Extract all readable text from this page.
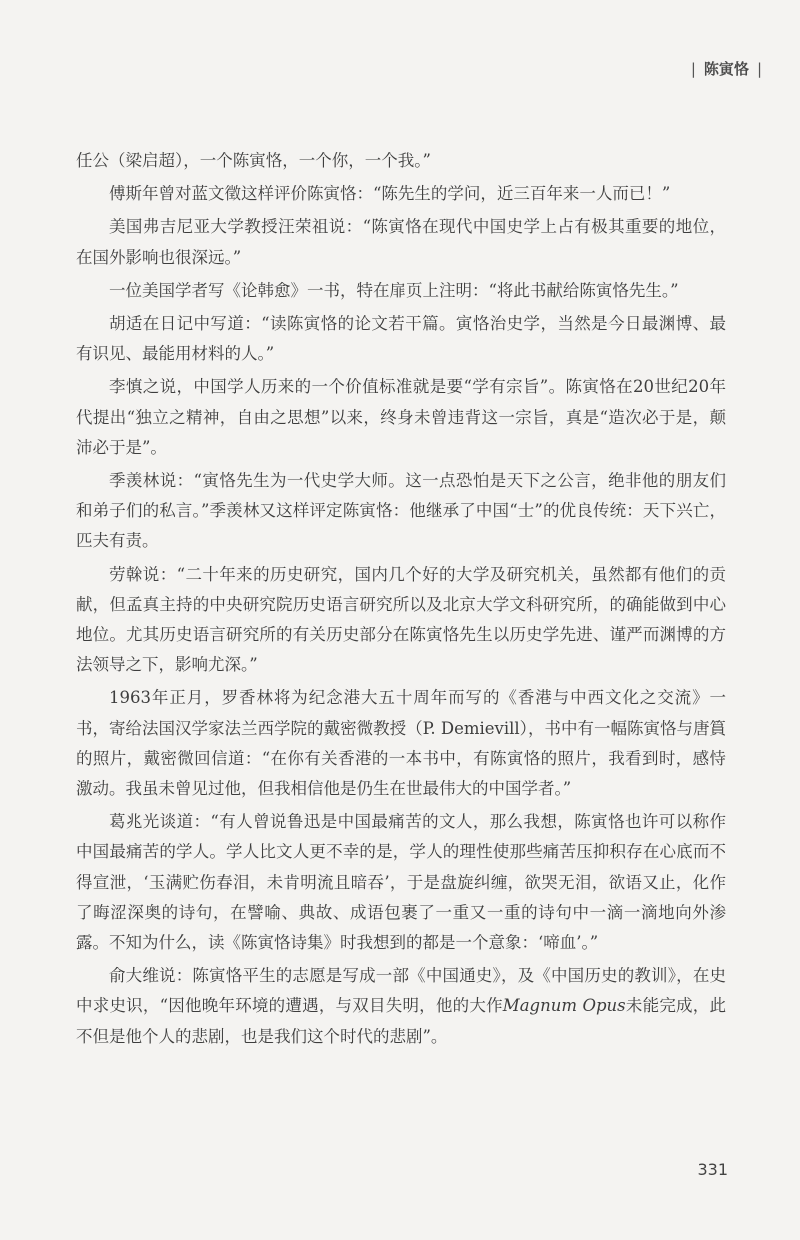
| 陈寅恪 |

任公（梁启超），一个陈寅恪，一个你，一个我。”

傅斯年曾对蓝文徵这样评价陈寅恪：“陈先生的学问，近三百年来一人而已！”

美国弗吉尼亚大学教授汪荣祖说：“陈寅恪在现代中国史学上占有极其重要的地位，在国外影响也很深远。”

一位美国学者写《论韩愈》一书，特在扉页上注明：“将此书献给陈寅恪先生。”

胡适在日记中写道：“读陈寅恪的论文若干篇。寅恪治史学，当然是今日最渊博、最有识见、最能用材料的人。”

李慎之说，中国学人历来的一个价值标准就是要“学有宗旨”。陈寅恪在20世纪20年代提出“独立之精神，自由之思想”以来，终身未曾违背这一宗旨，真是“造次必于是，颠沛必于是”。

季羡林说：“寅恪先生为一代史学大师。这一点恐怕是天下之公言，绝非他的朋友们和弟子们的私言。”季羡林又这样评定陈寅恪：他继承了中国“士”的优良传统：天下兴亡，匹夫有责。

劳榦说：“二十年来的历史研究，国内几个好的大学及研究机关，虽然都有他们的贡献，但孟真主持的中央研究院历史语言研究所以及北京大学文科研究所，的确能做到中心地位。尤其历史语言研究所的有关历史部分在陈寅恪先生以历史学先进、谨严而渊博的方法领导之下，影响尤深。”

1963年正月，罗香林将为纪念港大五十周年而写的《香港与中西文化之交流》一书，寄给法国汉学家法兰西学院的戴密微教授（P. Demievill），书中有一幅陈寅恪与唐篔的照片，戴密微回信道：“在你有关香港的一本书中，有陈寅恪的照片，我看到时，感恃激动。我虽未曾见过他，但我相信他是仍生在世最伟大的中国学者。”

葛兆光谈道：“有人曾说鲁迅是中国最痛苦的文人，那么我想，陈寅恪也许可以称作中国最痛苦的学人。学人比文人更不幸的是，学人的理性使那些痛苦压抑积存在心底而不得宣泄，‘玉满贮伤春泪，未肯明流且暗吞’，于是盘旋纠缠，欲哭无泪，欲语又止，化作了晦涩深奥的诗句，在譬喻、典故、成语包裹了一重又一重的诗句中一滴一滴地向外渗露。不知为什么，读《陈寅恪诗集》时我想到的都是一个意象：‘啼血’。”

俞大维说：陈寅恪平生的志愿是写成一部《中国通史》，及《中国历史的教训》，在史中求史识，“因他晚年环境的遭遇，与双目失明，他的大作Magnum Opus未能完成，此不但是他个人的悲剧，也是我们这个时代的悲剧”。

331
